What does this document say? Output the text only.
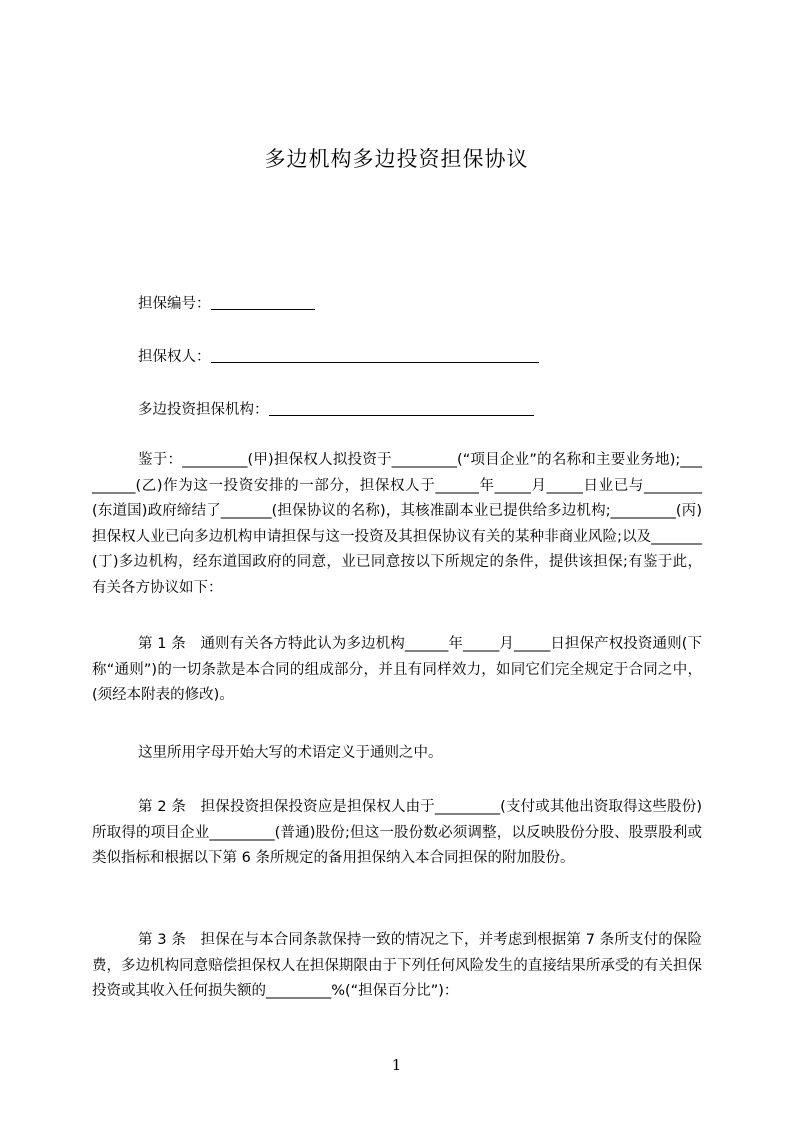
多边机构多边投资担保协议
担保编号：
担保权人：
多边投资担保机构：

鉴于：_________(甲)担保权人拟投资于_________(“项目企业”的名称和主要业务地);_________(乙)作为这一投资安排的一部分，担保权人于______年_____月_____日业已与________(东道国)政府缔结了_______(担保协议的名称)，其核准副本业已提供给多边机构;_________(丙)担保权人业已向多边机构申请担保与这一投资及其担保协议有关的某种非商业风险;以及_______(丁)多边机构，经东道国政府的同意，业已同意按以下所规定的条件，提供该担保;有鉴于此，有关各方协议如下：

第 1 条　通则有关各方特此认为多边机构______年_____月_____日担保产权投资通则(下称“通则”)的一切条款是本合同的组成部分，并且有同样效力，如同它们完全规定于合同之中，(须经本附表的修改)。

这里所用字母开始大写的术语定义于通则之中。

第 2 条　担保投资担保投资应是担保权人由于_________(支付或其他出资取得这些股份)所取得的项目企业_________(普通)股份;但这一股份数必须调整，以反映股份分股、股票股利或类似指标和根据以下第 6 条所规定的备用担保纳入本合同担保的附加股份。

第 3 条　担保在与本合同条款保持一致的情况之下，并考虑到根据第 7 条所支付的保险费，多边机构同意赔偿担保权人在担保期限由于下列任何风险发生的直接结果所承受的有关担保投资或其收入任何损失额的_________%(“担保百分比”)：

1
